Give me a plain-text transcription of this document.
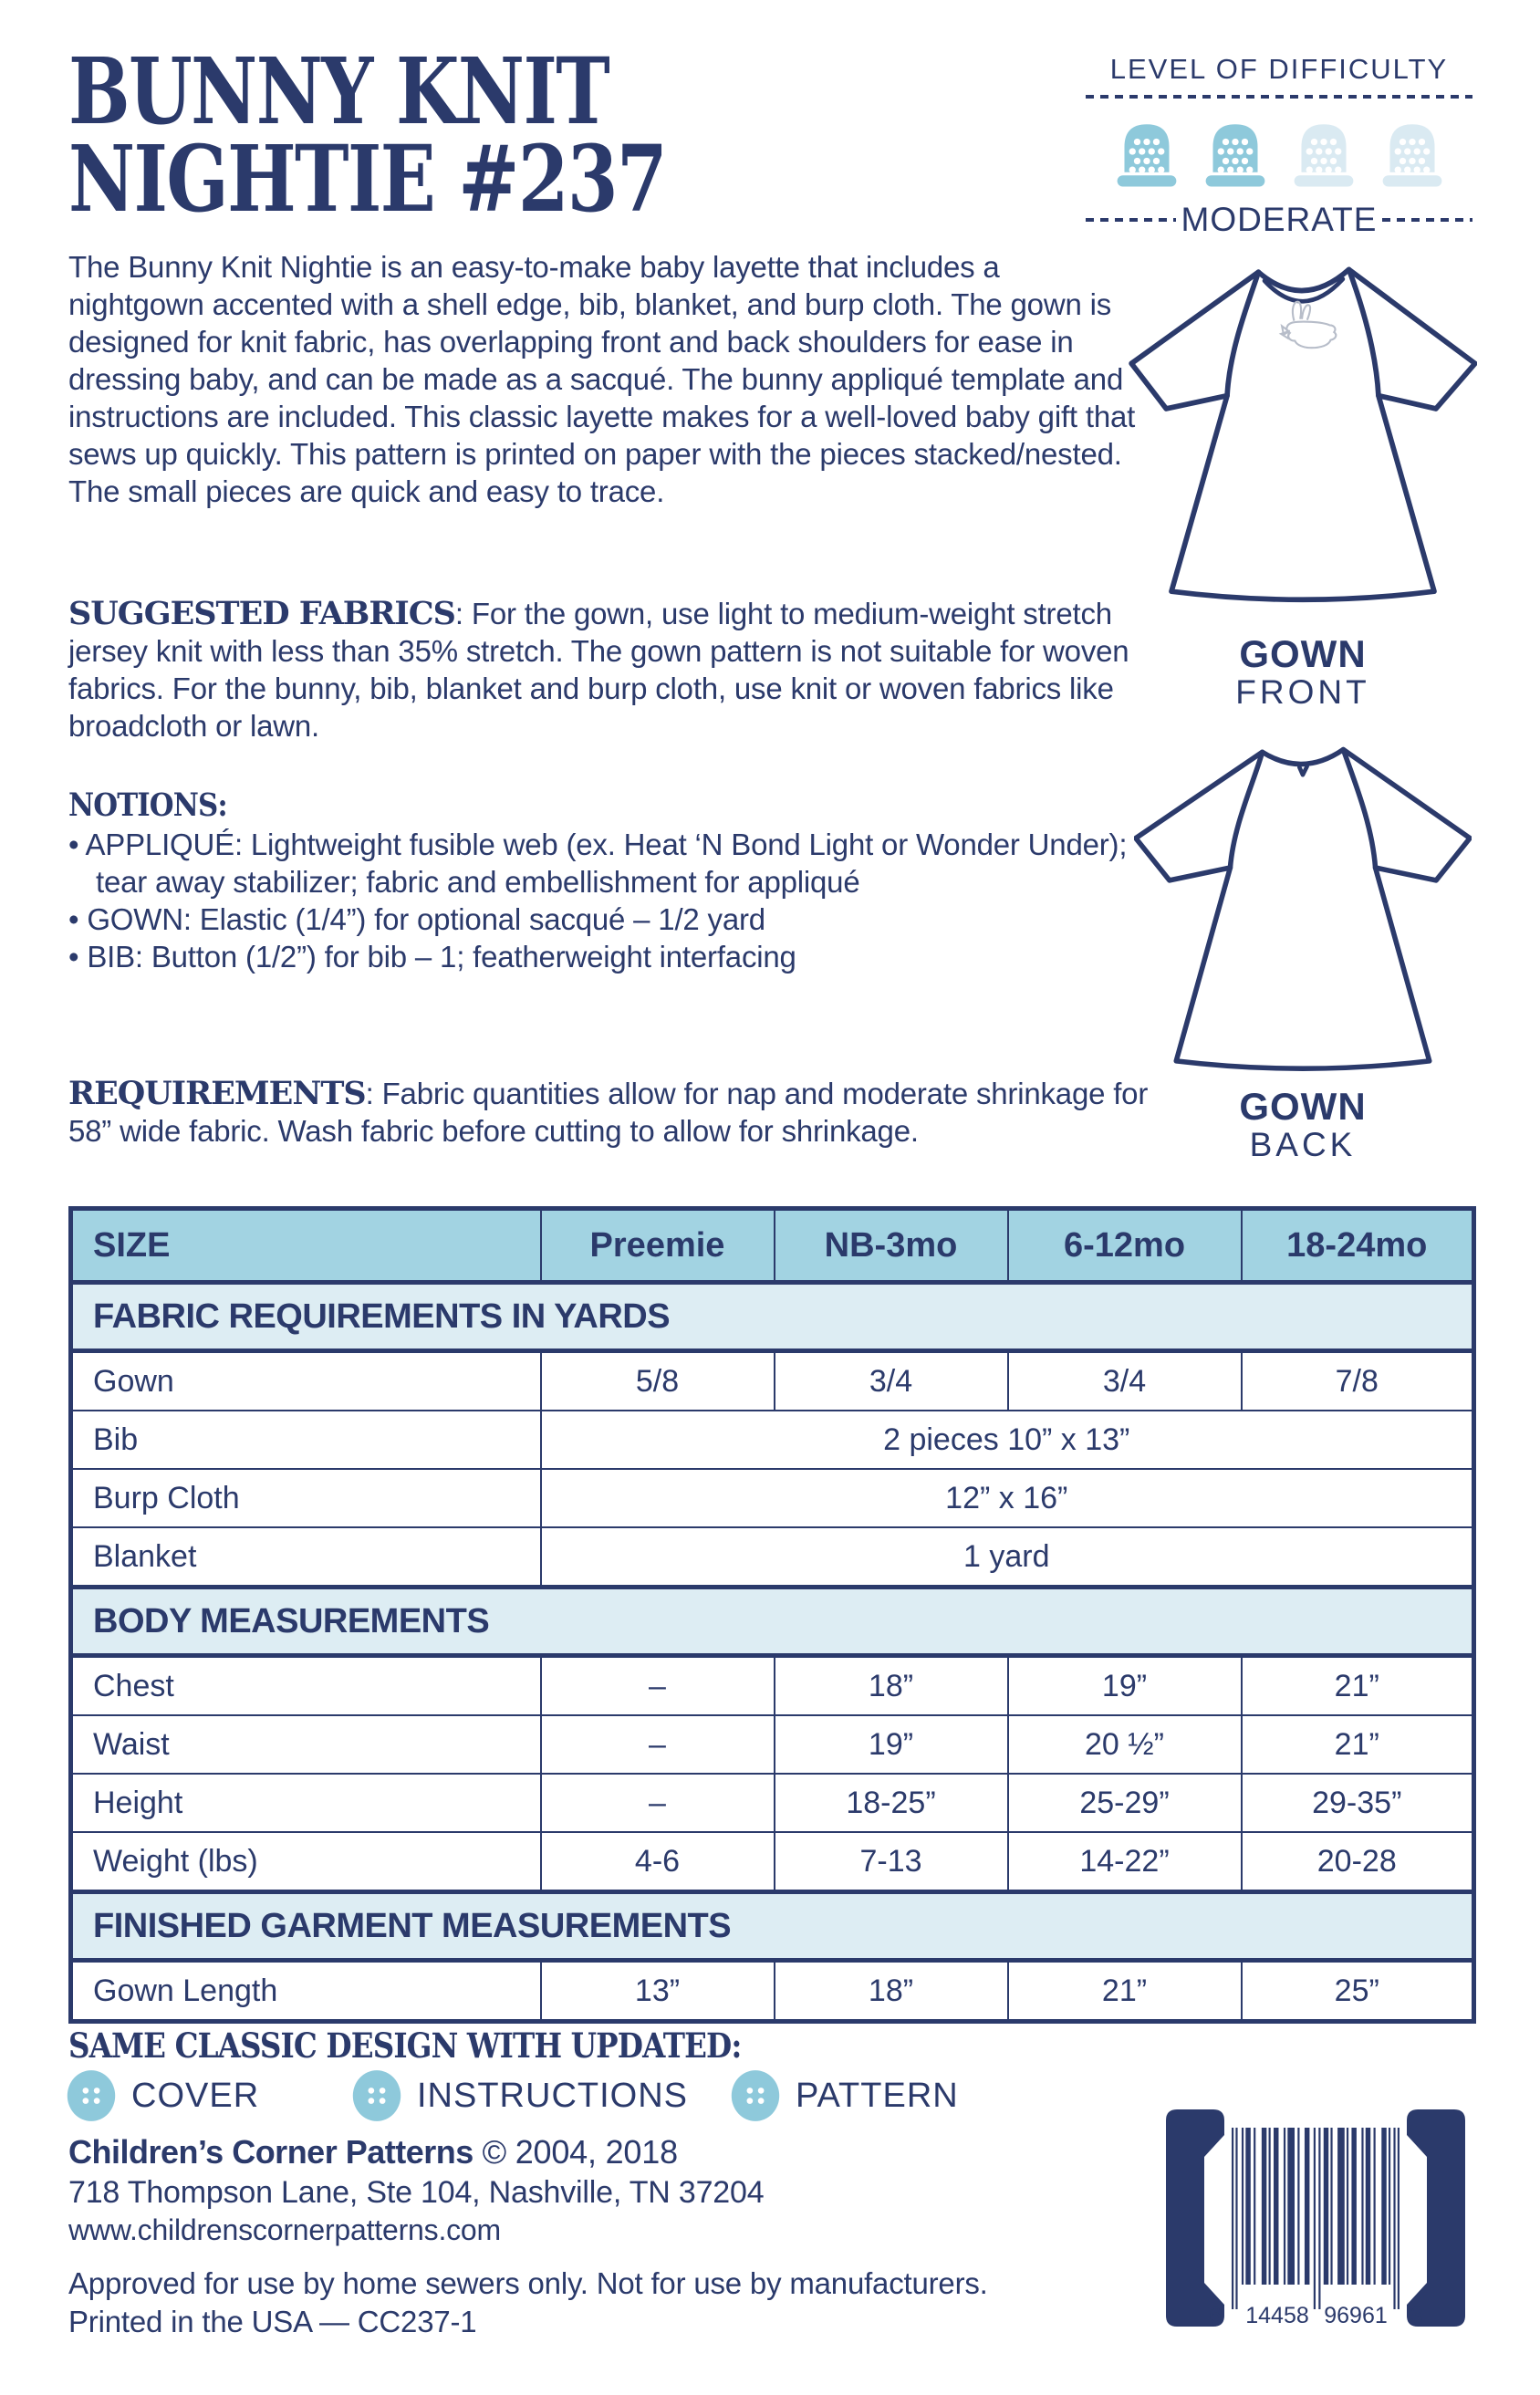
BUNNY KNIT
NIGHTIE #237
LEVEL OF DIFFICULTY
MODERATE
The Bunny Knit Nightie is an easy-to-make baby layette that includes a nightgown accented with a shell edge, bib, blanket, and burp cloth. The gown is designed for knit fabric, has overlapping front and back shoulders for ease in dressing baby, and can be made as a sacqué. The bunny appliqué template and instructions are included. This classic layette makes for a well-loved baby gift that sews up quickly. This pattern is printed on paper with the pieces stacked/nested. The small pieces are quick and easy to trace.
GOWN
FRONT

SUGGESTED FABRICS: For the gown, use light to medium-weight stretch jersey knit with less than 35% stretch. The gown pattern is not suitable for woven fabrics. For the bunny, bib, blanket and burp cloth, use knit or woven fabrics like broadcloth or lawn.

NOTIONS:
• APPLIQUÉ: Lightweight fusible web (ex. Heat ‘N Bond Light or Wonder Under); tear away stabilizer; fabric and embellishment for appliqué
• GOWN: Elastic (1/4”) for optional sacqué – 1/2 yard
• BIB: Button (1/2”) for bib – 1; featherweight interfacing
GOWN
BACK

REQUIREMENTS: Fabric quantities allow for nap and moderate shrinkage for 58” wide fabric. Wash fabric before cutting to allow for shrinkage.

SIZE	Preemie	NB-3mo	6-12mo	18-24mo
FABRIC REQUIREMENTS IN YARDS				
Gown	5/8	3/4	3/4	7/8
Bib	2 pieces 10” x 13”			
Burp Cloth	12” x 16”			
Blanket	1 yard			
BODY MEASUREMENTS				
Chest	–	18”	19”	21”
Waist	–	19”	20 ½”	21”
Height	–	18-25”	25-29”	29-35”
Weight (lbs)	4-6	7-13	14-22”	20-28
FINISHED GARMENT MEASUREMENTS				
Gown Length	13”	18”	21”	25”
SAME CLASSIC DESIGN WITH UPDATED:
COVER	INSTRUCTIONS	PATTERN
Children’s Corner Patterns © 2004, 2018
718 Thompson Lane, Ste 104, Nashville, TN 37204
www.childrenscornerpatterns.com
Approved for use by home sewers only. Not for use by manufacturers.
Printed in the USA — CC237-1	6 14458 96961 3
